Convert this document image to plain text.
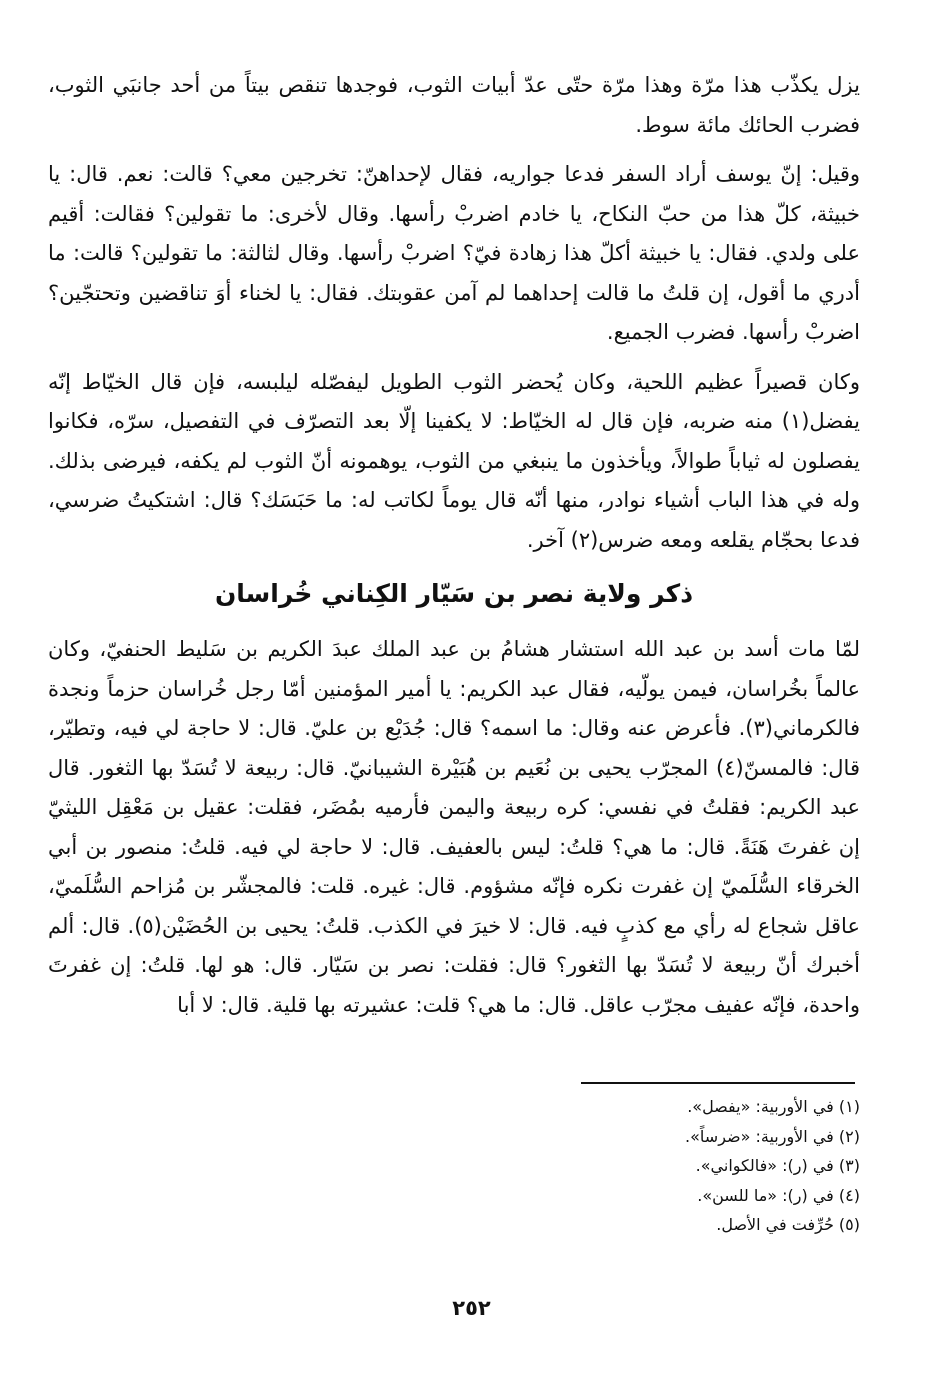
يزل يكذّب هذا مرّة وهذا مرّة حتّى عدّ أبيات الثوب، فوجدها تنقص بيتاً من أحد جانبَي الثوب، فضرب الحائك مائة سوط.

وقيل: إنّ يوسف أراد السفر فدعا جواريه، فقال لإحداهنّ: تخرجين معي؟ قالت: نعم. قال: يا خبيثة، كلّ هذا من حبّ النكاح، يا خادم اضربْ رأسها. وقال لأخرى: ما تقولين؟ فقالت: أقيم على ولدي. فقال: يا خبيثة أكلّ هذا زهادة فيّ؟ اضربْ رأسها. وقال لثالثة: ما تقولين؟ قالت: ما أدري ما أقول، إن قلتُ ما قالت إحداهما لم آمن عقوبتك. فقال: يا لخناء أوَ تناقضين وتحتجّين؟ اضربْ رأسها. فضرب الجميع.

وكان قصيراً عظيم اللحية، وكان يُحضر الثوب الطويل ليفصّله ليلبسه، فإن قال الخيّاط إنّه يفضل(١) منه ضربه، فإن قال له الخيّاط: لا يكفينا إلّا بعد التصرّف في التفصيل، سرّه، فكانوا يفصلون له ثياباً طوالاً، ويأخذون ما ينبغي من الثوب، يوهمونه أنّ الثوب لم يكفه، فيرضى بذلك. وله في هذا الباب أشياء نوادر، منها أنّه قال يوماً لكاتب له: ما حَبَسَك؟ قال: اشتكيتُ ضرسي، فدعا بحجّام يقلعه ومعه ضرس(٢) آخر.

ذكر ولاية نصر بن سَيّار الكِناني خُراسان

لمّا مات أسد بن عبد الله استشار هشامُ بن عبد الملك عبدَ الكريم بن سَليط الحنفيّ، وكان عالماً بخُراسان، فيمن يولّيه، فقال عبد الكريم: يا أمير المؤمنين أمّا رجل خُراسان حزماً ونجدة فالكرماني(٣). فأعرض عنه وقال: ما اسمه؟ قال: جُدَيْع بن عليّ. قال: لا حاجة لي فيه، وتطيّر، قال: فالمسنّ(٤) المجرّب يحيى بن نُعَيم بن هُبَيْرة الشيبانيّ. قال: ربيعة لا تُسَدّ بها الثغور. قال عبد الكريم: فقلتُ في نفسي: كره ربيعة واليمن فأرميه بمُضَر، فقلت: عقيل بن مَعْقِل الليثيّ إن غفرتَ هَنَةً. قال: ما هي؟ قلتُ: ليس بالعفيف. قال: لا حاجة لي فيه. قلتُ: منصور بن أبي الخرقاء السُّلَميّ إن غفرت نكره فإنّه مشؤوم. قال: غيره. قلت: فالمجشّر بن مُزاحم السُّلَميّ، عاقل شجاع له رأي مع كذبٍ فيه. قال: لا خيرَ في الكذب. قلتُ: يحيى بن الحُضَيْن(٥). قال: ألم أخبرك أنّ ربيعة لا تُسَدّ بها الثغور؟ قال: فقلت: نصر بن سَيّار. قال: هو لها. قلتُ: إن غفرتَ واحدة، فإنّه عفيف مجرّب عاقل. قال: ما هي؟ قلت: عشيرته بها قلية. قال: لا أبا

(١) في الأوربية: «يفصل».
(٢) في الأوربية: «ضرساً».
(٣) في (ر): «فالكواني».
(٤) في (ر): «ما للسن».
(٥) حُرِّفت في الأصل.
٢٥٢
